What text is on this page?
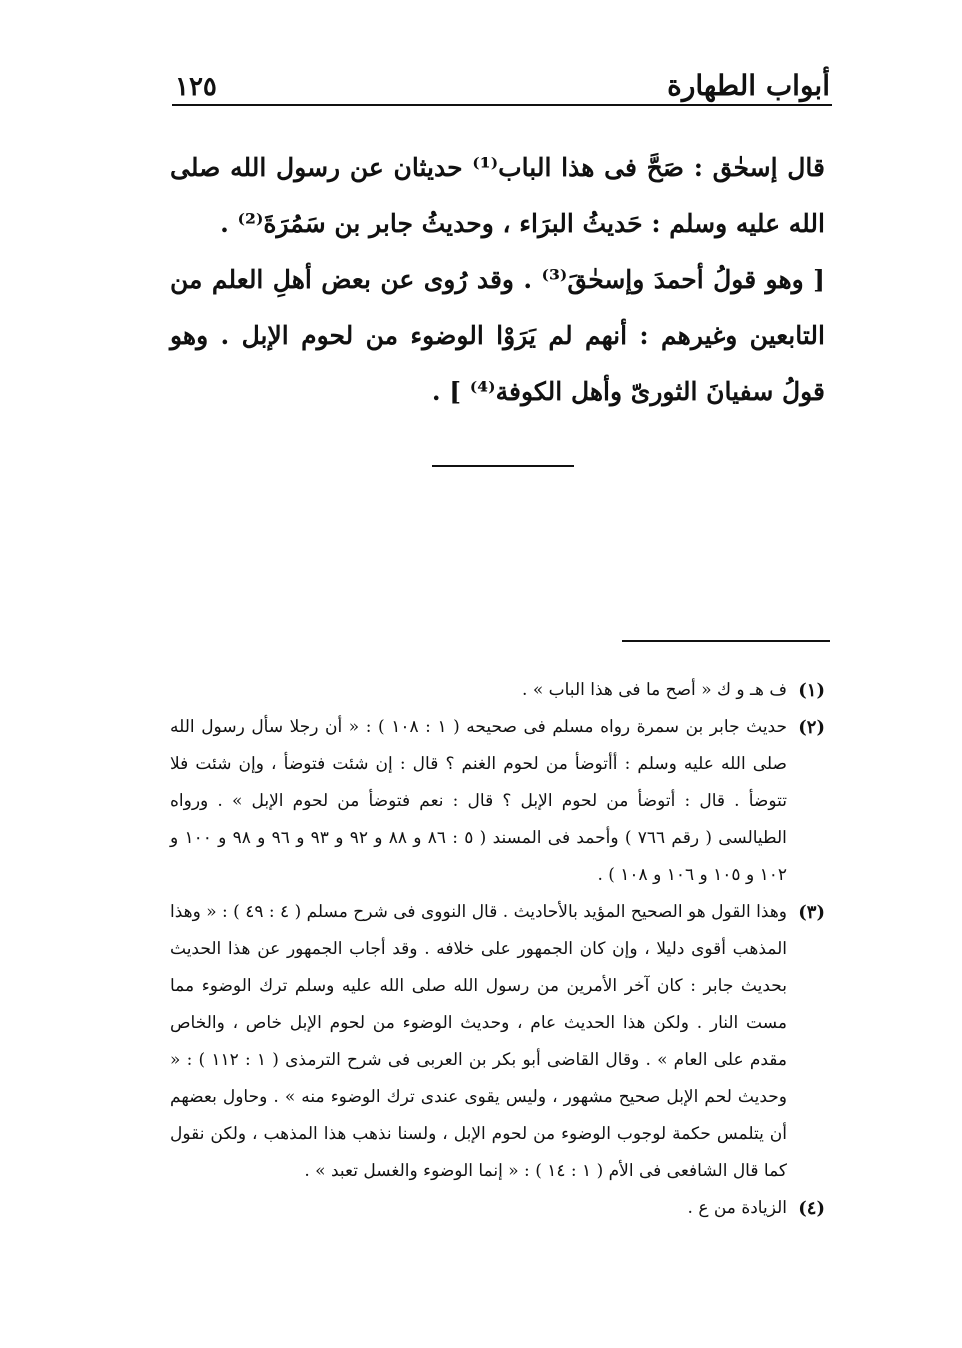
١٢٥	أبواب الطهارة

قال إسحٰق : صَحَّ فى هذا الباب⁽¹⁾ حديثان عن رسول الله صلى الله عليه وسلم : حَديثُ البرَاء ، وحديثُ جابر بن سَمُرَةَ⁽²⁾ .

[ وهو قولُ أحمدَ وإسحٰقَ⁽³⁾ . وقد رُوى عن بعض أهلِ العلم من التابعين وغيرهم : أنهم لم يَرَوْا الوضوء من لحوم الإبل . وهو قولُ سفيانَ الثورىّ وأهل الكوفة⁽⁴⁾ ] .

(١)
ف هـ و ك « أصح ما فى هذا الباب » .
(٢)
حديث جابر بن سمرة رواه مسلم فى صحيحه ( ١ : ١٠٨ ) : « أن رجلا سأل رسول الله صلى الله عليه وسلم : أأتوضأ من لحوم الغنم ؟ قال : إن شئت فتوضأ ، وإن شئت فلا تتوضأ . قال : أتوضأ من لحوم الإبل ؟ قال : نعم فتوضأ من لحوم الإبل » . ورواه الطيالسى ( رقم ٧٦٦ ) وأحمد فى المسند ( ٥ : ٨٦ و ٨٨ و ٩٢ و ٩٣ و ٩٦ و ٩٨ و ١٠٠ و ١٠٢ و ١٠٥ و ١٠٦ و ١٠٨ ) .
(٣)
وهذا القول هو الصحيح المؤيد بالأحاديث . قال النووى فى شرح مسلم ( ٤ : ٤٩ ) : « وهذا المذهب أقوى دليلا ، وإن كان الجمهور على خلافه . وقد أجاب الجمهور عن هذا الحديث بحديث جابر : كان آخر الأمرين من رسول الله صلى الله عليه وسلم ترك الوضوء مما مست النار . ولكن هذا الحديث عام ، وحديث الوضوء من لحوم الإبل خاص ، والخاص مقدم على العام » . وقال القاضى أبو بكر بن العربى فى شرح الترمذى ( ١ : ١١٢ ) : « وحديث لحم الإبل صحيح مشهور ، وليس يقوى عندى ترك الوضوء منه » . وحاول بعضهم أن يتلمس حكمة لوجوب الوضوء من لحوم الإبل ، ولسنا نذهب هذا المذهب ، ولكن نقول كما قال الشافعى فى الأم ( ١ : ١٤ ) : « إنما الوضوء والغسل تعبد » .
(٤)
الزيادة من ع .
